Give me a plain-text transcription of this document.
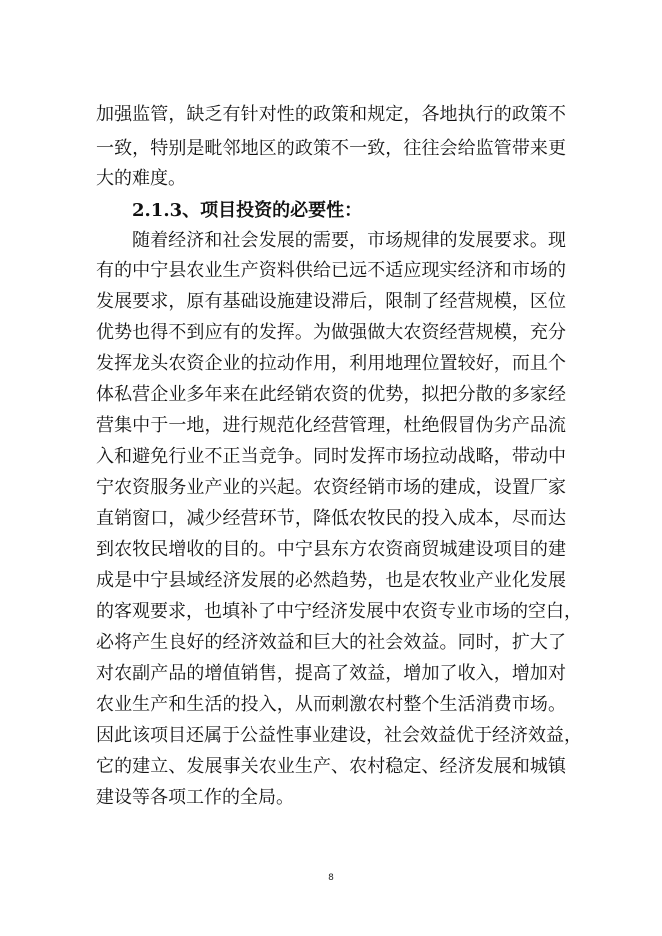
加强监管，缺乏有针对性的政策和规定，各地执行的政策不
一致，特别是毗邻地区的政策不一致，往往会给监管带来更
大的难度。
2.1.3、项目投资的必要性：
随着经济和社会发展的需要，市场规律的发展要求。现
有的中宁县农业生产资料供给已远不适应现实经济和市场的
发展要求，原有基础设施建设滞后，限制了经营规模，区位
优势也得不到应有的发挥。为做强做大农资经营规模，充分
发挥龙头农资企业的拉动作用，利用地理位置较好，而且个
体私营企业多年来在此经销农资的优势，拟把分散的多家经
营集中于一地，进行规范化经营管理，杜绝假冒伪劣产品流
入和避免行业不正当竞争。同时发挥市场拉动战略，带动中
宁农资服务业产业的兴起。农资经销市场的建成，设置厂家
直销窗口，减少经营环节，降低农牧民的投入成本，尽而达
到农牧民增收的目的。中宁县东方农资商贸城建设项目的建
成是中宁县域经济发展的必然趋势，也是农牧业产业化发展
的客观要求，也填补了中宁经济发展中农资专业市场的空白，
必将产生良好的经济效益和巨大的社会效益。同时，扩大了
对农副产品的增值销售，提高了效益，增加了收入，增加对
农业生产和生活的投入，从而刺激农村整个生活消费市场。
因此该项目还属于公益性事业建设，社会效益优于经济效益，
它的建立、发展事关农业生产、农村稳定、经济发展和城镇
建设等各项工作的全局。
8
